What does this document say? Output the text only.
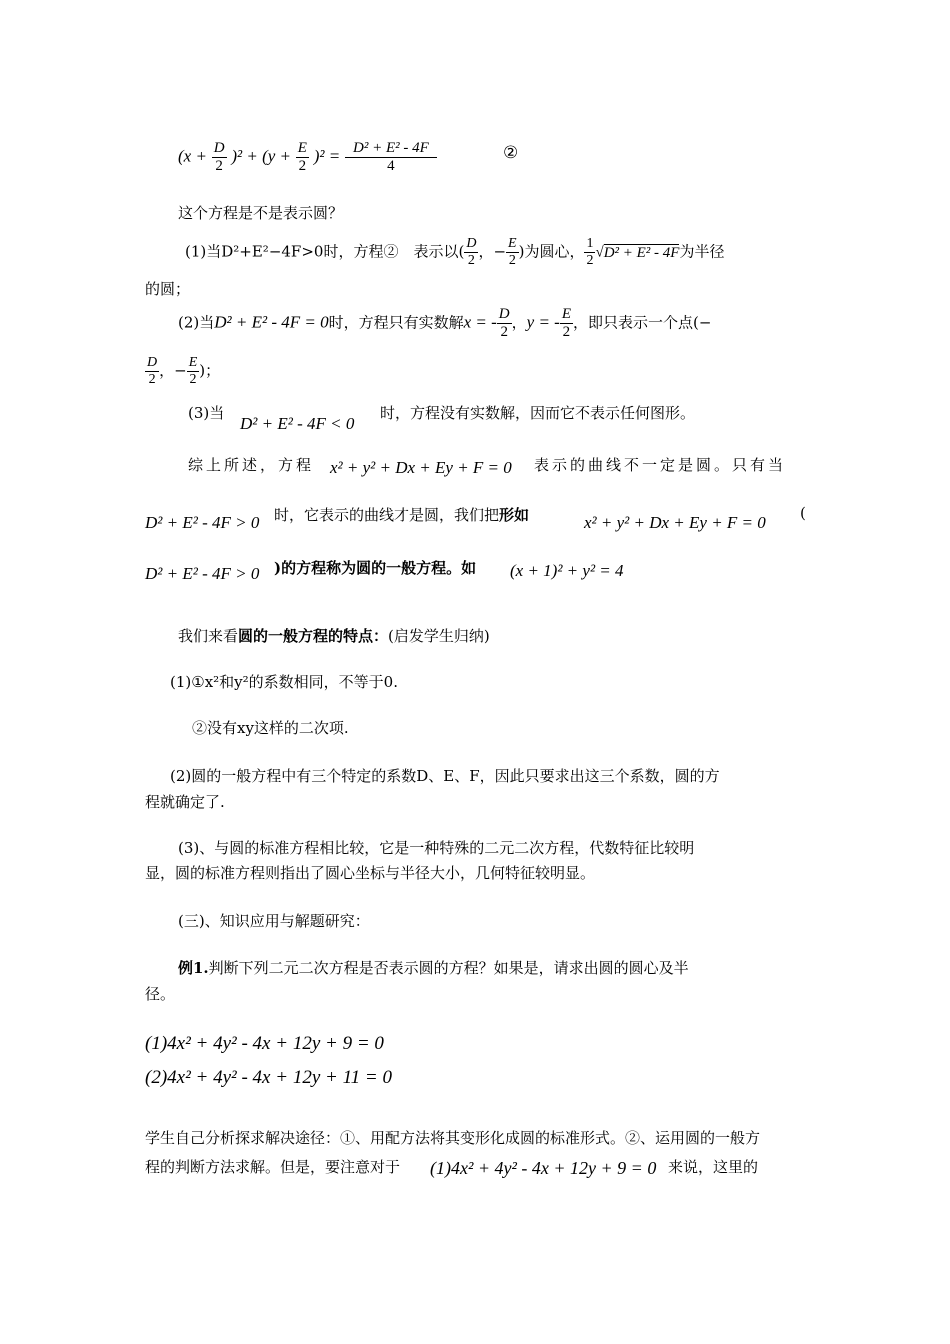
$(x + \frac{D}{2} )^2 + (y + \frac{E}{2} )^2 = \frac{\text{D² + E² - 4F}}{4}$	②
这个方程是不是表示圆？
(1)当D²+E²−4F>0时，方程②　表示以( $\frac{D}{2}$ ，− $\frac{E}{2}$ )为圆心， $\frac{1}{2} √D^2 + E^2 - 4F$为半径
的圆；
(2)当D² + E² - 4F = 0时，方程只有实数解x = - $\frac{D}{2}$ ，y = - $\frac{E}{2}$ ，即只表示一个点(−
$\frac{D}{2}$ ，− $\frac{E}{2}$ )；
(3)当
D² + E² - 4F < 0
时，方程没有实数解，因而它不表示任何图形。
综上所述，方程 x² + y² + Dx + Ey + F = 0 表示的曲线不一定是圆。只有当
D² + E² - 4F > 0 时，它表示的曲线才是圆，我们把形如	x² + y² + Dx + Ey + F = 0 (
D² + E² - 4F > 0 )的方程称为圆的一般方程。如 (x + 1)² + y² = 4
我们来看圆的一般方程的特点：(启发学生归纳)
(1)①x²和y²的系数相同，不等于0.
②没有xy这样的二次项.
(2)圆的一般方程中有三个特定的系数D、E、F，因此只要求出这三个系数，圆的方
程就确定了.
(3)、与圆的标准方程相比较，它是一种特殊的二元二次方程，代数特征比较明
显，圆的标准方程则指出了圆心坐标与半径大小，几何特征较明显。
(三)、知识应用与解题研究：
例1.判断下列二元二次方程是否表示圆的方程？如果是，请求出圆的圆心及半
径。
(1)4x² + 4y² - 4x + 12y + 9 = 0
(2)4x² + 4y² - 4x + 12y + 11 = 0
学生自己分析探求解决途径：①、用配方法将其变形化成圆的标准形式。②、运用圆的一般方
程的判断方法求解。但是，要注意对于 (1)4x² + 4y² - 4x + 12y + 9 = 0 来说，这里的
